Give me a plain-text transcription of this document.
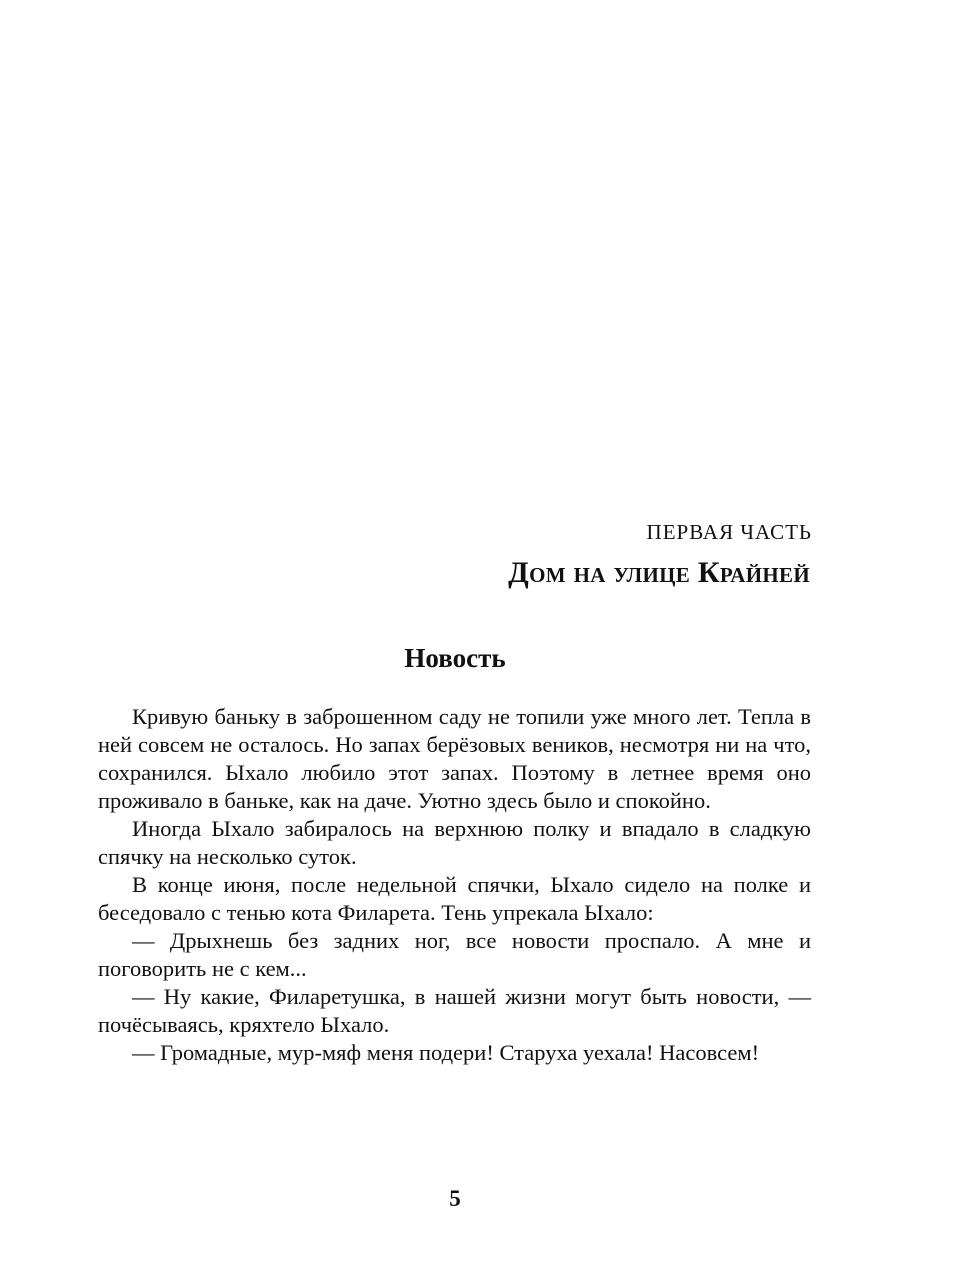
ПЕРВАЯ ЧАСТЬ
Дом на улице Крайней
Новость

Кривую баньку в заброшенном саду не топили уже много лет. Тепла в ней совсем не осталось. Но запах берёзовых веников, несмотря ни на что, сохранился. Ыхало любило этот запах. Поэтому в летнее время оно проживало в баньке, как на даче. Уютно здесь было и спокойно.

Иногда Ыхало забиралось на верхнюю полку и впадало в сладкую спячку на несколько суток.

В конце июня, после недельной спячки, Ыхало сидело на полке и беседовало с тенью кота Филарета. Тень упрекала Ыхало:

— Дрыхнешь без задних ног, все новости проспало. А мне и поговорить не с кем...

— Ну какие, Филаретушка, в нашей жизни могут быть новости, — почёсываясь, кряхтело Ыхало.

— Громадные, мур-мяф меня подери! Старуха уехала! Насовсем!

5
